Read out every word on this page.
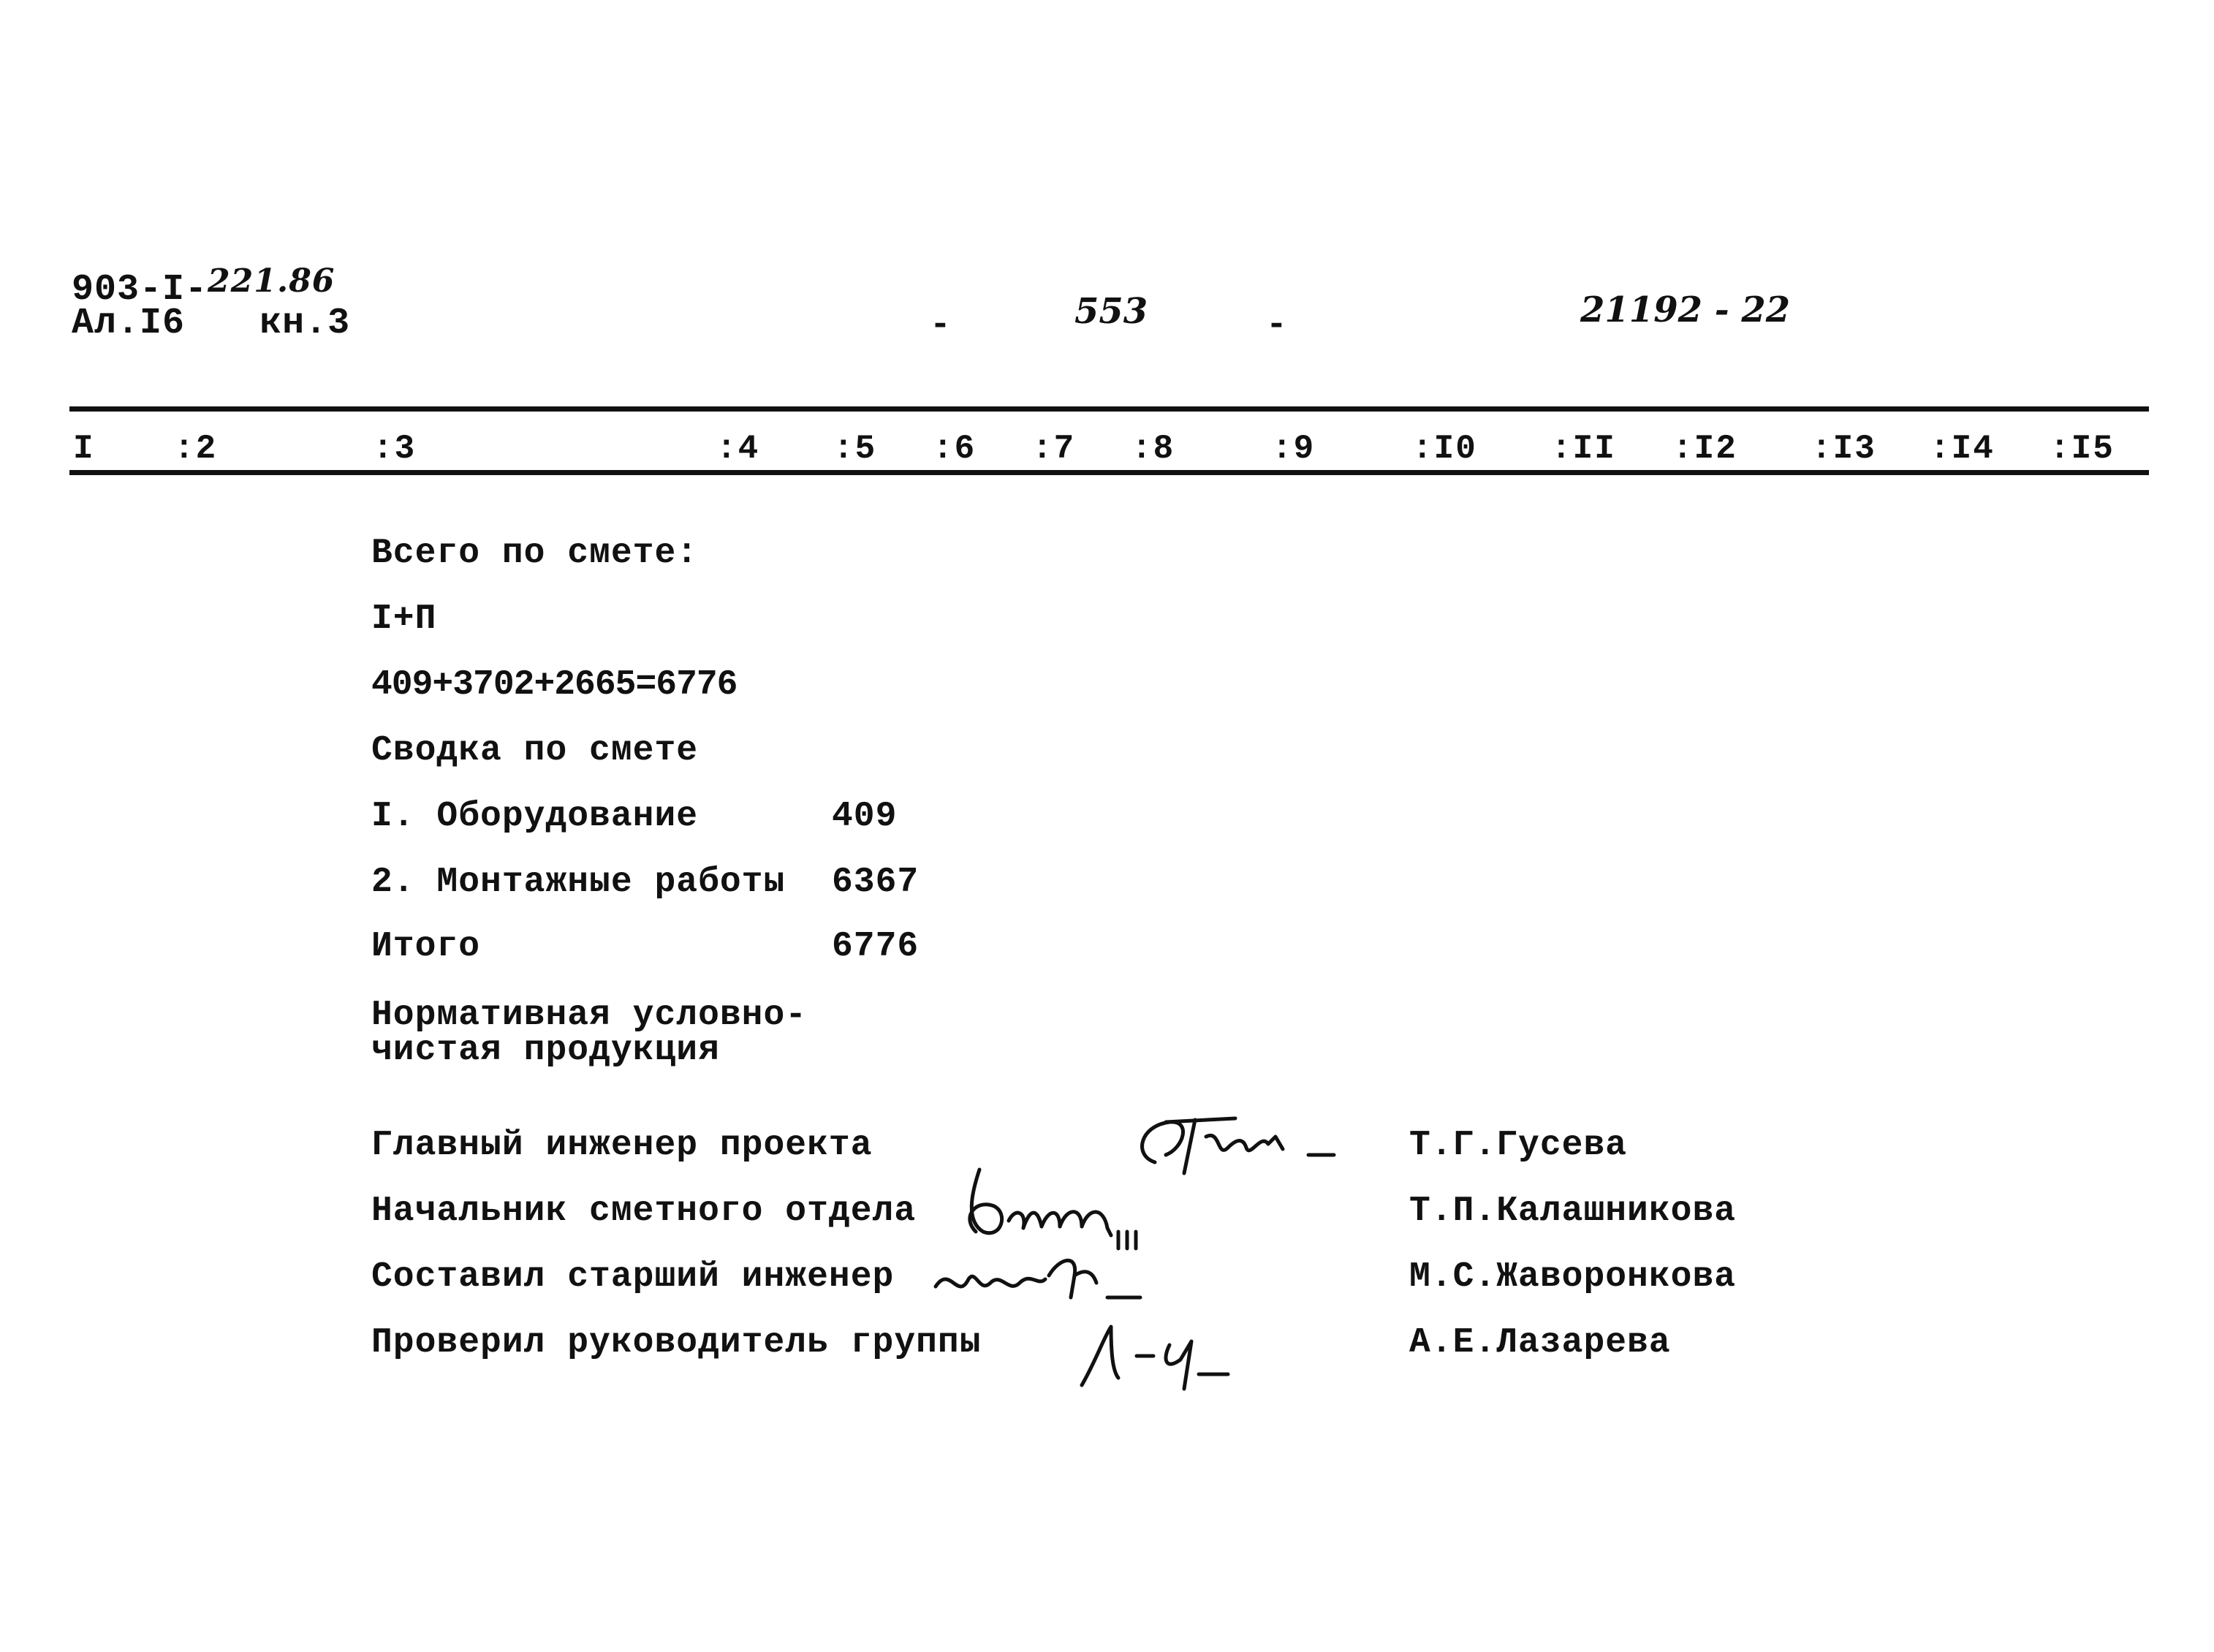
903-I-221.86
Ал.I6 кн.3	-	553	-	21192 - 22
I :2	:3	:4 :5 :6 :7 :8	:9	:I0 :II :I2 :I3 :I4 :I5
Всего по смете:
I+П
409+3702+2665=6776
Сводка по смете
I. Оборудование	409
2. Монтажные работы 6367
Итого	6776
Нормативная условно-
чистая продукция
Главный инженер проекта	Т.Г.Гусева
Начальник сметного отдела	Т.П.Калашникова
Составил старший инженер	М.С.Жаворонкова
Проверил руководитель группы	А.Е.Лазарева
